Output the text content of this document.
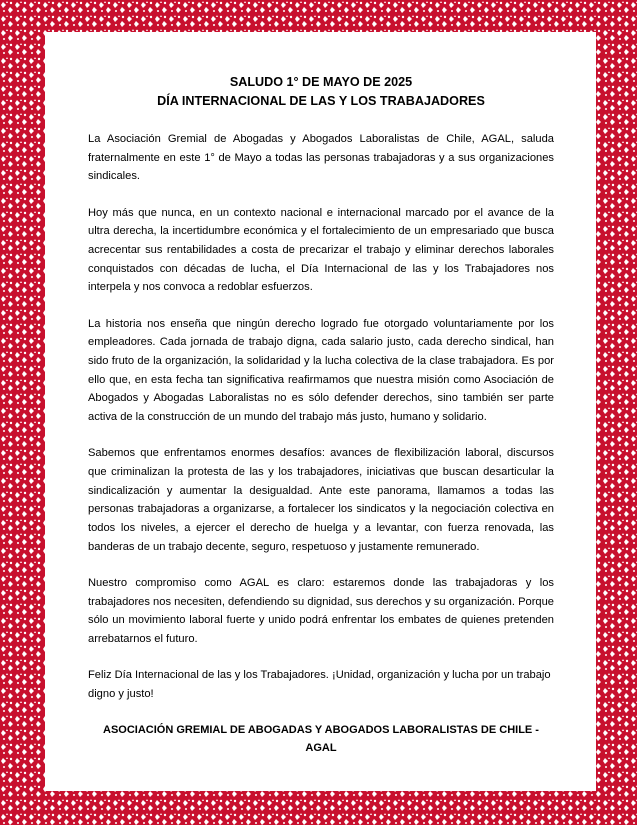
SALUDO 1° DE MAYO DE 2025

DÍA INTERNACIONAL DE LAS Y LOS TRABAJADORES

La Asociación Gremial de Abogadas y Abogados Laboralistas de Chile, AGAL, saluda fraternalmente en este 1° de Mayo a todas las personas trabajadoras y a sus organizaciones sindicales.

Hoy más que nunca, en un contexto nacional e internacional marcado por el avance de la ultra derecha, la incertidumbre económica y el fortalecimiento de un empresariado que busca acrecentar sus rentabilidades a costa de precarizar el trabajo y eliminar derechos laborales conquistados con décadas de lucha, el Día Internacional de las y los Trabajadores nos interpela y nos convoca a redoblar esfuerzos.

La historia nos enseña que ningún derecho logrado fue otorgado voluntariamente por los empleadores. Cada jornada de trabajo digna, cada salario justo, cada derecho sindical, han sido fruto de la organización, la solidaridad y la lucha colectiva de la clase trabajadora. Es por ello que, en esta fecha tan significativa reafirmamos que nuestra misión como Asociación de Abogados y Abogadas Laboralistas no es sólo defender derechos, sino también ser parte activa de la construcción de un mundo del trabajo más justo, humano y solidario.

Sabemos que enfrentamos enormes desafíos: avances de flexibilización laboral, discursos que criminalizan la protesta de las y los trabajadores, iniciativas que buscan desarticular la sindicalización y aumentar la desigualdad. Ante este panorama, llamamos a todas las personas trabajadoras a organizarse, a fortalecer los sindicatos y la negociación colectiva en todos los niveles, a ejercer el derecho de huelga y a levantar, con fuerza renovada, las banderas de un trabajo decente, seguro, respetuoso y justamente remunerado.

Nuestro compromiso como AGAL es claro: estaremos donde las trabajadoras y los trabajadores nos necesiten, defendiendo su dignidad, sus derechos y su organización. Porque sólo un movimiento laboral fuerte y unido podrá enfrentar los embates de quienes pretenden arrebatarnos el futuro.

Feliz Día Internacional de las y los Trabajadores. ¡Unidad, organización y lucha por un trabajo digno y justo!

ASOCIACIÓN GREMIAL DE ABOGADAS Y ABOGADOS LABORALISTAS DE CHILE - AGAL
